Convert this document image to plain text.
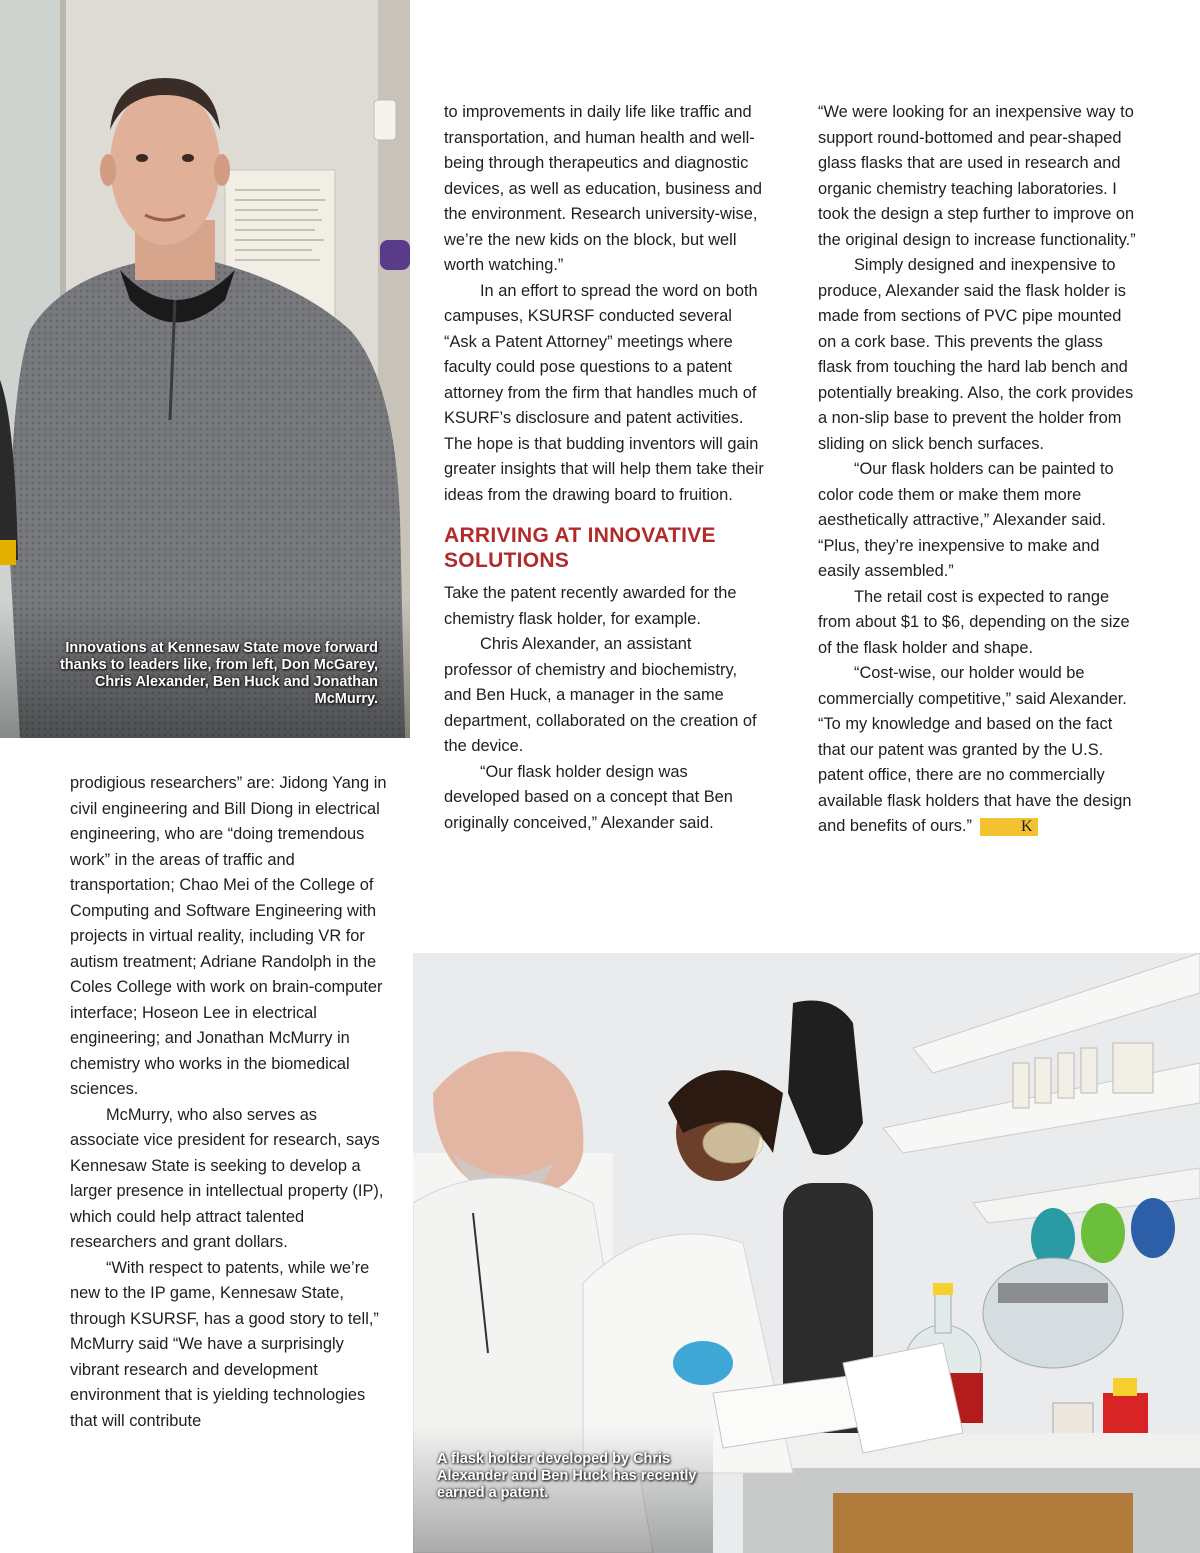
Innovations at Kennesaw State move forward thanks to leaders like, from left, Don McGarey, Chris Alexander, Ben Huck and Jonathan McMurry.

prodigious researchers” are: Jidong Yang in civil engineering and Bill Diong in electrical engineering, who are “doing tremendous work” in the areas of traffic and transportation; Chao Mei of the College of Computing and Software Engineering with projects in virtual reality, including VR for autism treatment; Adriane Randolph in the Coles College with work on brain-computer interface; Hoseon Lee in electrical engineering; and Jonathan McMurry in chemistry who works in the biomedical sciences.

McMurry, who also serves as associate vice president for research, says Kennesaw State is seeking to develop a larger presence in intellectual property (IP), which could help attract talented researchers and grant dollars.

“With respect to patents, while we’re new to the IP game, Kennesaw State, through KSURSF, has a good story to tell,” McMurry said “We have a surprisingly vibrant research and development environment that is yielding technologies that will contribute

to improvements in daily life like traffic and transportation, and human health and well-being through therapeutics and diagnostic devices, as well as education, business and the environment. Research university-wise, we’re the new kids on the block, but well worth watching.”

In an effort to spread the word on both campuses, KSURSF conducted several “Ask a Patent Attorney” meetings where faculty could pose questions to a patent attorney from the firm that handles much of KSURF’s disclosure and patent activities. The hope is that budding inventors will gain greater insights that will help them take their ideas from the drawing board to fruition.

ARRIVING AT INNOVATIVE SOLUTIONS

Take the patent recently awarded for the chemistry flask holder, for example.

Chris Alexander, an assistant professor of chemistry and biochemistry, and Ben Huck, a manager in the same department, collaborated on the creation of the device.

“Our flask holder design was developed based on a concept that Ben originally conceived,” Alexander said.

“We were looking for an inexpensive way to support round-bottomed and pear-shaped glass flasks that are used in research and organic chemistry teaching laboratories. I took the design a step further to improve on the original design to increase functionality.”

Simply designed and inexpensive to produce, Alexander said the flask holder is made from sections of PVC pipe mounted on a cork base. This prevents the glass flask from touching the hard lab bench and potentially breaking. Also, the cork provides a non-slip base to prevent the holder from sliding on slick bench surfaces.

“Our flask holders can be painted to color code them or make them more aesthetically attractive,” Alexander said. “Plus, they’re inexpensive to make and easily assembled.”

The retail cost is expected to range from about $1 to $6, depending on the size of the flask holder and shape.

“Cost-wise, our holder would be commercially competitive,” said Alexander. “To my knowledge and based on the fact that our patent was granted by the U.S. patent office, there are no commercially available flask holders that have the design and benefits of ours.”	K

A flask holder developed by Chris Alexander and Ben Huck has recently earned a patent.
